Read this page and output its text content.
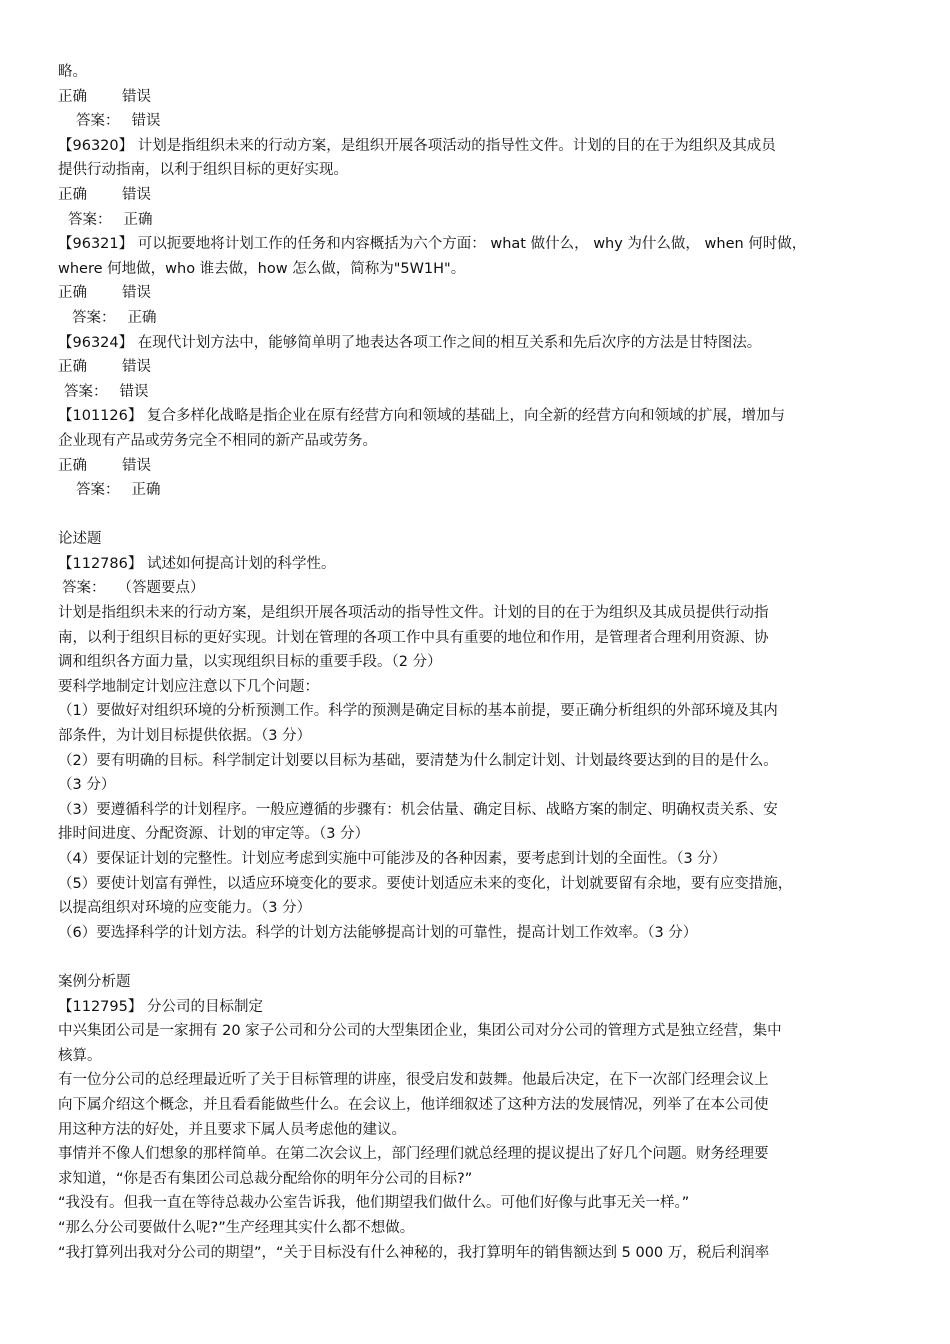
略。
正确 错误
答案： 错误
【96320】 计划是指组织未来的行动方案，是组织开展各项活动的指导性文件。计划的目的在于为组织及其成员
提供行动指南，以利于组织目标的更好实现。
正确 错误
答案： 正确
【96321】 可以扼要地将计划工作的任务和内容概括为六个方面： what 做什么， why 为什么做， when 何时做，
where 何地做，who 谁去做，how 怎么做，简称为"5W1H"。
正确 错误
答案： 正确
【96324】 在现代计划方法中，能够简单明了地表达各项工作之间的相互关系和先后次序的方法是甘特图法。
正确 错误
答案： 错误
【101126】 复合多样化战略是指企业在原有经营方向和领域的基础上，向全新的经营方向和领域的扩展，增加与
企业现有产品或劳务完全不相同的新产品或劳务。
正确 错误
答案： 正确
论述题
【112786】 试述如何提高计划的科学性。
答案： （答题要点）
计划是指组织未来的行动方案，是组织开展各项活动的指导性文件。计划的目的在于为组织及其成员提供行动指
南，以利于组织目标的更好实现。计划在管理的各项工作中具有重要的地位和作用，是管理者合理利用资源、协
调和组织各方面力量，以实现组织目标的重要手段。（2 分）
要科学地制定计划应注意以下几个问题：
（1）要做好对组织环境的分析预测工作。科学的预测是确定目标的基本前提，要正确分析组织的外部环境及其内
部条件，为计划目标提供依据。（3 分）
（2）要有明确的目标。科学制定计划要以目标为基础，要清楚为什么制定计划、计划最终要达到的目的是什么。
（3 分）
（3）要遵循科学的计划程序。一般应遵循的步骤有：机会估量、确定目标、战略方案的制定、明确权责关系、安
排时间进度、分配资源、计划的审定等。（3 分）
（4）要保证计划的完整性。计划应考虑到实施中可能涉及的各种因素，要考虑到计划的全面性。（3 分）
（5）要使计划富有弹性，以适应环境变化的要求。要使计划适应未来的变化，计划就要留有余地，要有应变措施，
以提高组织对环境的应变能力。（3 分）
（6）要选择科学的计划方法。科学的计划方法能够提高计划的可靠性，提高计划工作效率。（3 分）
案例分析题
【112795】 分公司的目标制定
中兴集团公司是一家拥有 20 家子公司和分公司的大型集团企业，集团公司对分公司的管理方式是独立经营，集中
核算。
有一位分公司的总经理最近听了关于目标管理的讲座，很受启发和鼓舞。他最后决定，在下一次部门经理会议上
向下属介绍这个概念，并且看看能做些什么。在会议上，他详细叙述了这种方法的发展情况，列举了在本公司使
用这种方法的好处，并且要求下属人员考虑他的建议。
事情并不像人们想象的那样简单。在第二次会议上，部门经理们就总经理的提议提出了好几个问题。财务经理要
求知道，“你是否有集团公司总裁分配给你的明年分公司的目标?”
“我没有。但我一直在等待总裁办公室告诉我，他们期望我们做什么。可他们好像与此事无关一样。”
“那么分公司要做什么呢?”生产经理其实什么都不想做。
“我打算列出我对分公司的期望”，“关于目标没有什么神秘的，我打算明年的销售额达到 5 000 万，税后利润率
